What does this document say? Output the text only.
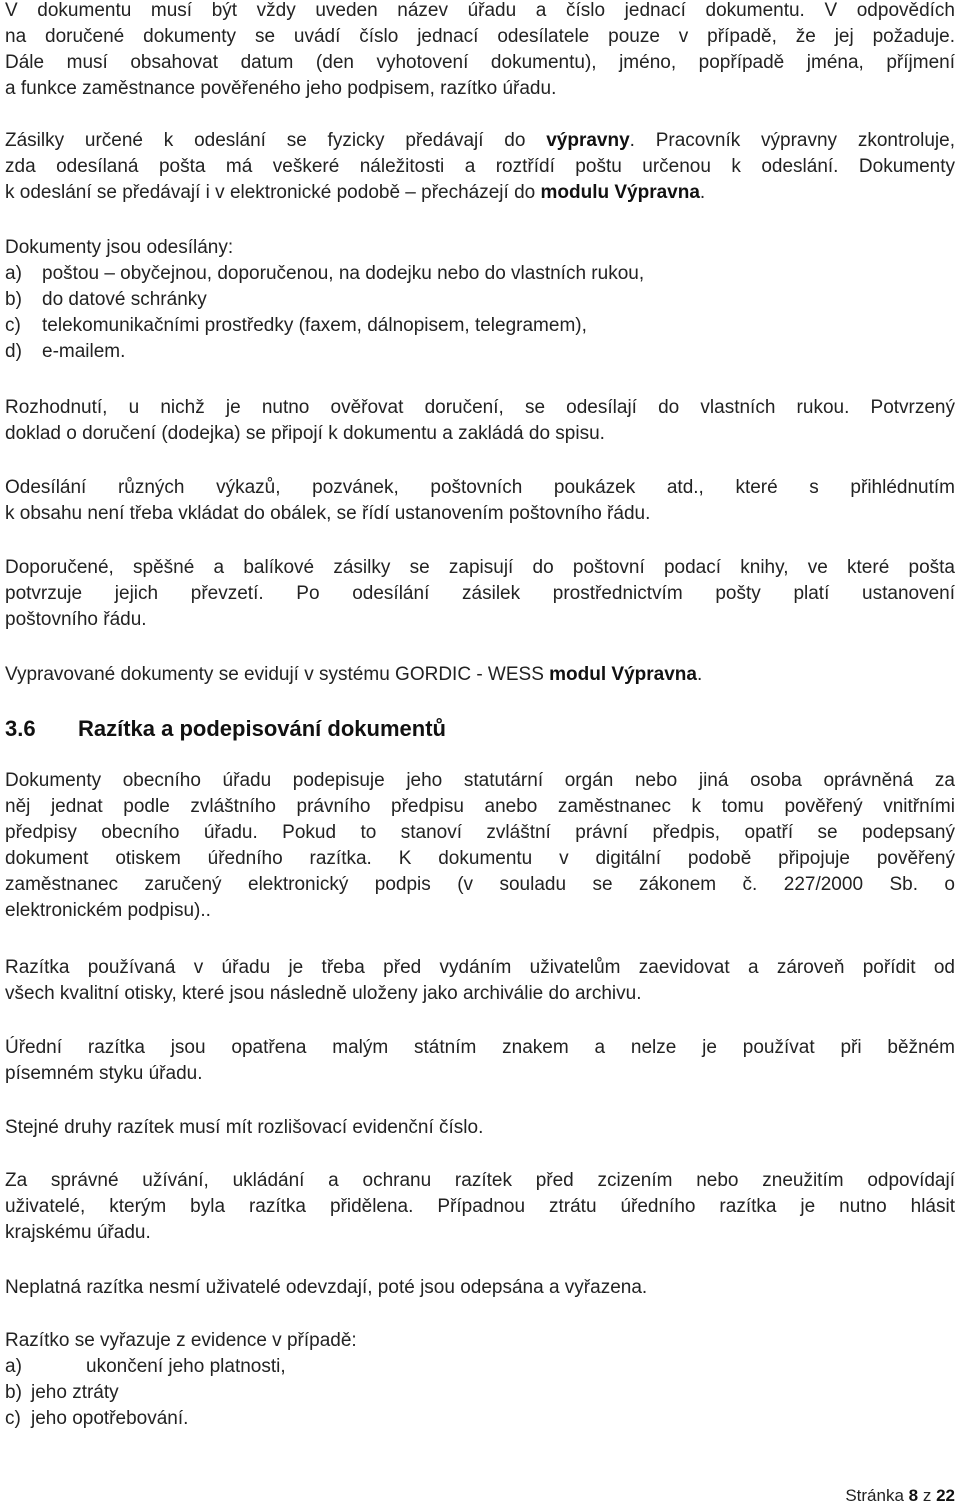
V dokumentu musí být vždy uveden název úřadu a číslo jednací dokumentu. V odpovědích
na doručené dokumenty se uvádí číslo jednací odesílatele pouze v případě, že jej požaduje.
Dále musí obsahovat datum (den vyhotovení dokumentu), jméno, popřípadě jména, příjmení
a funkce zaměstnance pověřeného jeho podpisem, razítko úřadu.
Zásilky určené k odeslání se fyzicky předávají do výpravny. Pracovník výpravny zkontroluje,
zda odesílaná pošta má veškeré náležitosti a roztřídí poštu určenou k odeslání. Dokumenty
k odeslání se předávají i v elektronické podobě – přecházejí do modulu Výpravna.
Dokumenty jsou odesílány:
a) poštou – obyčejnou, doporučenou, na dodejku nebo do vlastních rukou,
b) do datové schránky
c) telekomunikačními prostředky (faxem, dálnopisem, telegramem),
d) e-mailem.
Rozhodnutí, u nichž je nutno ověřovat doručení, se odesílají do vlastních rukou. Potvrzený
doklad o doručení (dodejka) se připojí k dokumentu a zakládá do spisu.
Odesílání různých výkazů, pozvánek, poštovních poukázek atd., které s přihlédnutím
k obsahu není třeba vkládat do obálek, se řídí ustanovením poštovního řádu.
Doporučené, spěšné a balíkové zásilky se zapisují do poštovní podací knihy, ve které pošta
potvrzuje jejich převzetí. Po odesílání zásilek prostřednictvím pošty platí ustanovení
poštovního řádu.
Vypravované dokumenty se evidují v systému GORDIC - WESS modul Výpravna.
3.6 Razítka a podepisování dokumentů
Dokumenty obecního úřadu podepisuje jeho statutární orgán nebo jiná osoba oprávněná za
něj jednat podle zvláštního právního předpisu anebo zaměstnanec k tomu pověřený vnitřními
předpisy obecního úřadu. Pokud to stanoví zvláštní právní předpis, opatří se podepsaný
dokument otiskem úředního razítka. K dokumentu v digitální podobě připojuje pověřený
zaměstnanec zaručený elektronický podpis (v souladu se zákonem č. 227/2000 Sb. o
elektronickém podpisu)..
Razítka používaná v úřadu je třeba před vydáním uživatelům zaevidovat a zároveň pořídit od
všech kvalitní otisky, které jsou následně uloženy jako archiválie do archivu.
Úřední razítka jsou opatřena malým státním znakem a nelze je používat při běžném
písemném styku úřadu.
Stejné druhy razítek musí mít rozlišovací evidenční číslo.
Za správné užívání, ukládání a ochranu razítek před zcizením nebo zneužitím odpovídají
uživatelé, kterým byla razítka přidělena. Případnou ztrátu úředního razítka je nutno hlásit
krajskému úřadu.
Neplatná razítka nesmí uživatelé odevzdají, poté jsou odepsána a vyřazena.
Razítko se vyřazuje z evidence v případě:
a)	ukončení jeho platnosti,
b) jeho ztráty
c) jeho opotřebování.
Stránka 8 z 22
